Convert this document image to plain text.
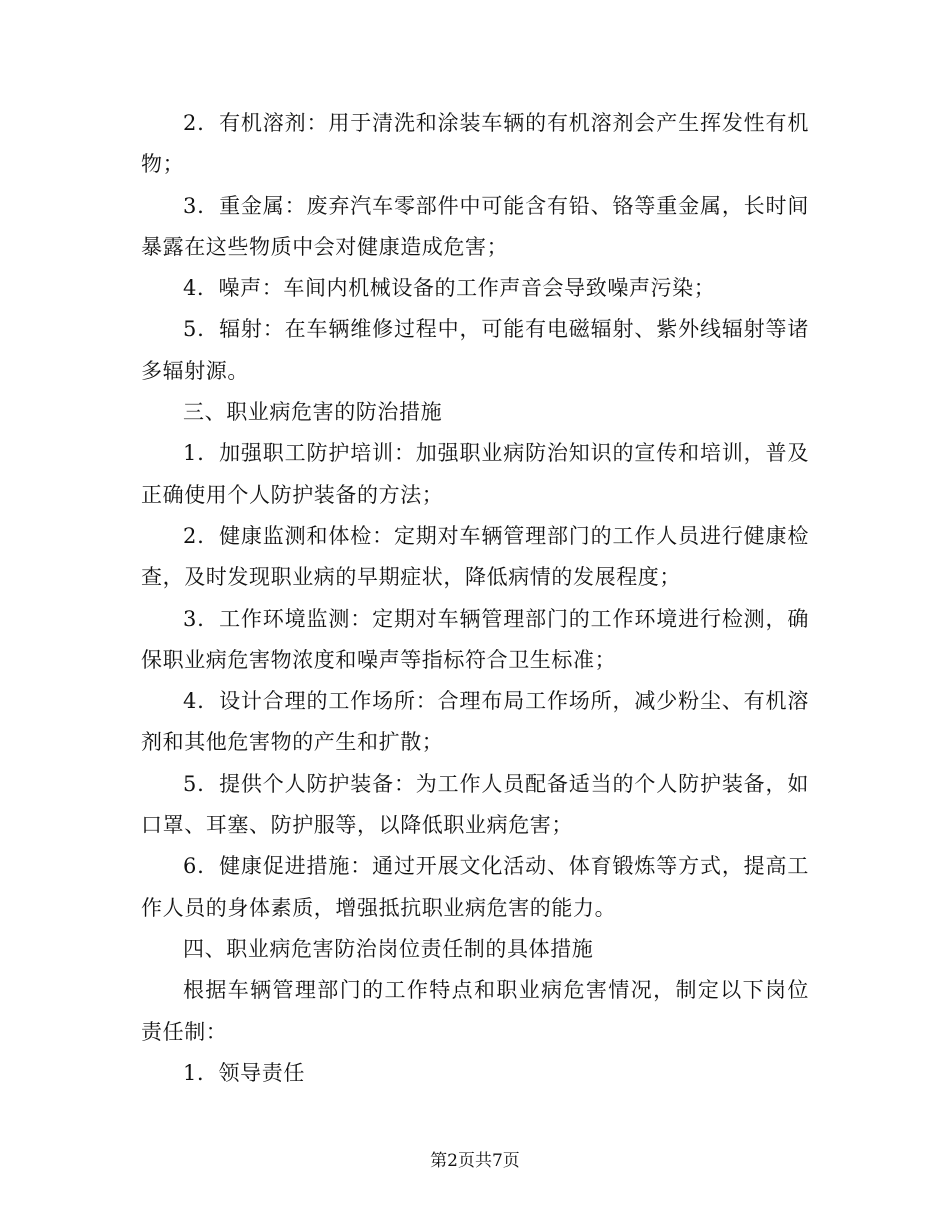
2．有机溶剂：用于清洗和涂装车辆的有机溶剂会产生挥发性有机物；

3．重金属：废弃汽车零部件中可能含有铅、铬等重金属，长时间暴露在这些物质中会对健康造成危害；

4．噪声：车间内机械设备的工作声音会导致噪声污染；

5．辐射：在车辆维修过程中，可能有电磁辐射、紫外线辐射等诸多辐射源。

三、职业病危害的防治措施

1．加强职工防护培训：加强职业病防治知识的宣传和培训，普及正确使用个人防护装备的方法；

2．健康监测和体检：定期对车辆管理部门的工作人员进行健康检查，及时发现职业病的早期症状，降低病情的发展程度；

3．工作环境监测：定期对车辆管理部门的工作环境进行检测，确保职业病危害物浓度和噪声等指标符合卫生标准；

4．设计合理的工作场所：合理布局工作场所，减少粉尘、有机溶剂和其他危害物的产生和扩散；

5．提供个人防护装备：为工作人员配备适当的个人防护装备，如口罩、耳塞、防护服等，以降低职业病危害；

6．健康促进措施：通过开展文化活动、体育锻炼等方式，提高工作人员的身体素质，增强抵抗职业病危害的能力。

四、职业病危害防治岗位责任制的具体措施

根据车辆管理部门的工作特点和职业病危害情况，制定以下岗位责任制：

1．领导责任

第2页共7页
